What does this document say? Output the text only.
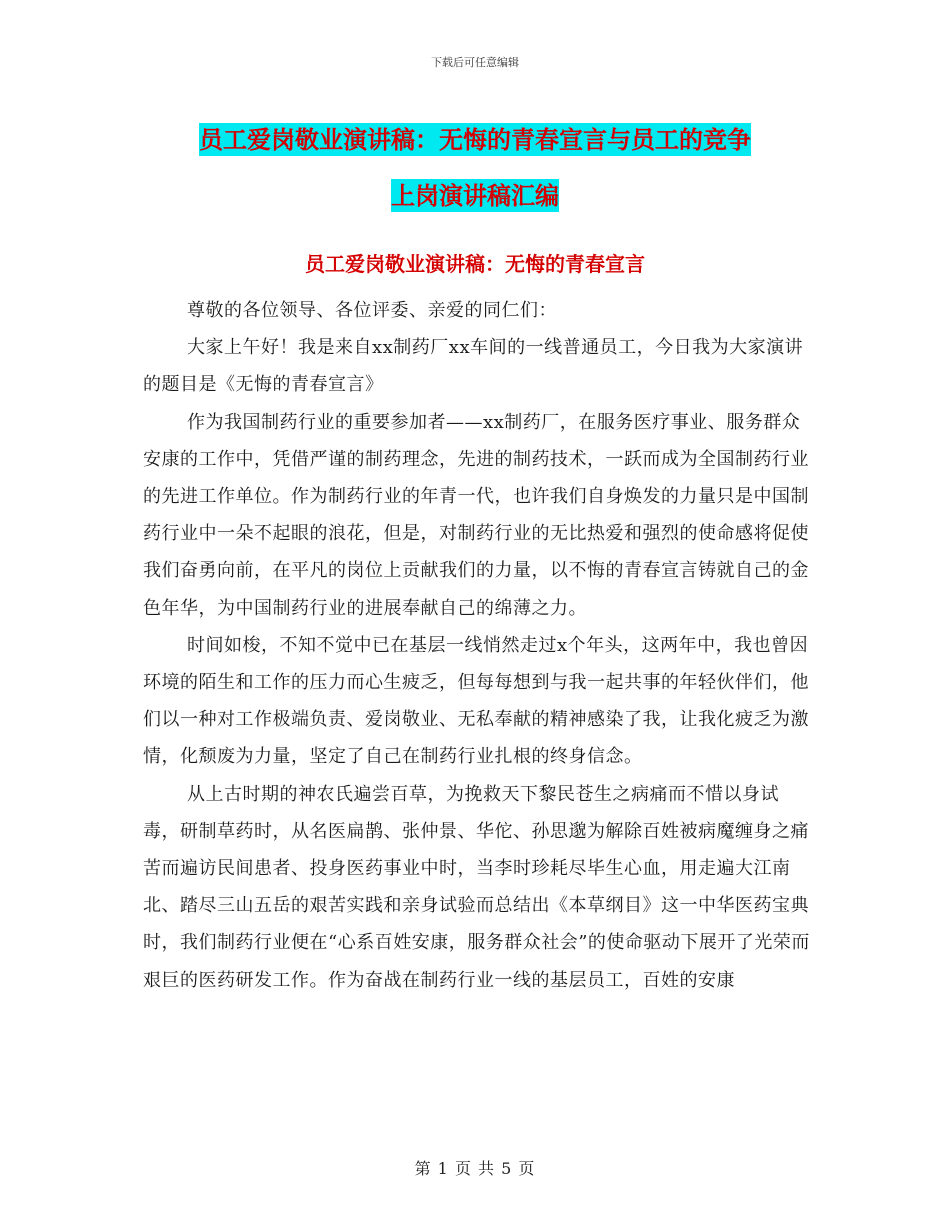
下载后可任意编辑
员工爱岗敬业演讲稿：无悔的青春宣言与员工的竞争
上岗演讲稿汇编
员工爱岗敬业演讲稿：无悔的青春宣言

尊敬的各位领导、各位评委、亲爱的同仁们：

大家上午好！我是来自xx制药厂xx车间的一线普通员工，今日我为大家演讲的题目是《无悔的青春宣言》

作为我国制药行业的重要参加者——xx制药厂，在服务医疗事业、服务群众安康的工作中，凭借严谨的制药理念，先进的制药技术，一跃而成为全国制药行业的先进工作单位。作为制药行业的年青一代，也许我们自身焕发的力量只是中国制药行业中一朵不起眼的浪花，但是，对制药行业的无比热爱和强烈的使命感将促使我们奋勇向前，在平凡的岗位上贡献我们的力量，以不悔的青春宣言铸就自己的金色年华，为中国制药行业的进展奉献自己的绵薄之力。

时间如梭，不知不觉中已在基层一线悄然走过x个年头，这两年中，我也曾因环境的陌生和工作的压力而心生疲乏，但每每想到与我一起共事的年轻伙伴们，他们以一种对工作极端负责、爱岗敬业、无私奉献的精神感染了我，让我化疲乏为激情，化颓废为力量，坚定了自己在制药行业扎根的终身信念。

从上古时期的神农氏遍尝百草，为挽救天下黎民苍生之病痛而不惜以身试毒，研制草药时，从名医扁鹊、张仲景、华佗、孙思邈为解除百姓被病魔缠身之痛苦而遍访民间患者、投身医药事业中时，当李时珍耗尽毕生心血，用走遍大江南北、踏尽三山五岳的艰苦实践和亲身试验而总结出《本草纲目》这一中华医药宝典时，我们制药行业便在“心系百姓安康，服务群众社会”的使命驱动下展开了光荣而艰巨的医药研发工作。作为奋战在制药行业一线的基层员工，百姓的安康

第 1 页 共 5 页
